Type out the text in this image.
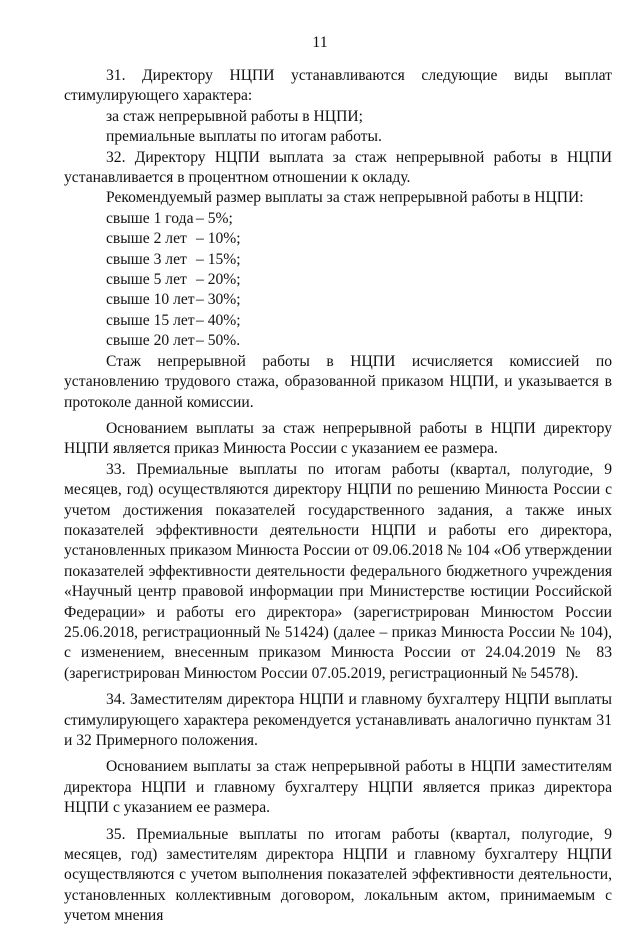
11

31. Директору НЦПИ устанавливаются следующие виды выплат стимулирующего характера:

за стаж непрерывной работы в НЦПИ;

премиальные выплаты по итогам работы.

32. Директору НЦПИ выплата за стаж непрерывной работы в НЦПИ устанавливается в процентном отношении к окладу.

Рекомендуемый размер выплаты за стаж непрерывной работы в НЦПИ:

свыше 1 года – 5%;
свыше 2 лет – 10%;
свыше 3 лет – 15%;
свыше 5 лет – 20%;
свыше 10 лет – 30%;
свыше 15 лет – 40%;
свыше 20 лет – 50%.

Стаж непрерывной работы в НЦПИ исчисляется комиссией по установлению трудового стажа, образованной приказом НЦПИ, и указывается в протоколе данной комиссии.

Основанием выплаты за стаж непрерывной работы в НЦПИ директору НЦПИ является приказ Минюста России с указанием ее размера.

33. Премиальные выплаты по итогам работы (квартал, полугодие, 9 месяцев, год) осуществляются директору НЦПИ по решению Минюста России с учетом достижения показателей государственного задания, а также иных показателей эффективности деятельности НЦПИ и работы его директора, установленных приказом Минюста России от 09.06.2018 № 104 «Об утверждении показателей эффективности деятельности федерального бюджетного учреждения «Научный центр правовой информации при Министерстве юстиции Российской Федерации» и работы его директора» (зарегистрирован Минюстом России 25.06.2018, регистрационный № 51424) (далее – приказ Минюста России № 104), с изменением, внесенным приказом Минюста России от 24.04.2019 № 83 (зарегистрирован Минюстом России 07.05.2019, регистрационный № 54578).

34. Заместителям директора НЦПИ и главному бухгалтеру НЦПИ выплаты стимулирующего характера рекомендуется устанавливать аналогично пунктам 31 и 32 Примерного положения.

Основанием выплаты за стаж непрерывной работы в НЦПИ заместителям директора НЦПИ и главному бухгалтеру НЦПИ является приказ директора НЦПИ с указанием ее размера.

35. Премиальные выплаты по итогам работы (квартал, полугодие, 9 месяцев, год) заместителям директора НЦПИ и главному бухгалтеру НЦПИ осуществляются с учетом выполнения показателей эффективности деятельности, установленных коллективным договором, локальным актом, принимаемым с учетом мнения
